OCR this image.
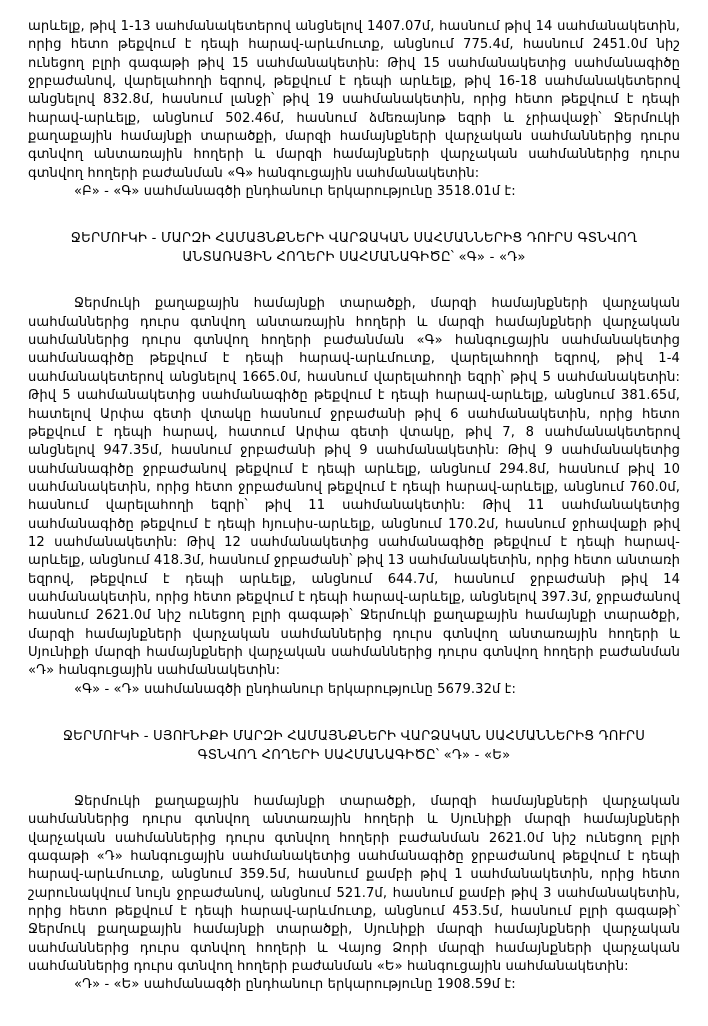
արևելք, թիվ 1-13 սահմանակետերով անցնելով 1407.07մ, հասնում թիվ 14 սահմանակետին, որից հետո թեքվում է դեպի հարավ-արևմուտք, անցնում 775.4մ, հասնում 2451.0մ նիշ ունեցող բլրի գագաթի թիվ 15 սահմանակետին: Թիվ 15 սահմանակետից սահմանագիծը ջրբաժանով, վարելահողի եզրով, թեքվում է դեպի արևելք, թիվ 16-18 սահմանակետերով անցնելով 832.8մ, հասնում լանջի՝ թիվ 19 սահմանակետին, որից հետո թեքվում է դեպի հարավ-արևելք, անցնում 502.46մ, հասնում ձմեռայնոթ եզրի և չրիավաջի՝ Ջերմուկի քաղաքային համայնքի տարածքի, մարզի համայնքների վարչական սահմաններից դուրս գտնվող անտառային հողերի և մարզի համայնքների վարչական սահմաններից դուրս գտնվող հողերի բաժանման «Գ» հանգուցային սահմանակետին:

«Բ» - «Գ» սահմանագծի ընդհանուր երկարությունը 3518.01մ է:

ՋԵՐՄՈՒԿԻ - ՄԱՐԶԻ ՀԱՄԱՅՆՔՆԵՐԻ ՎԱՐՁԱԿԱՆ ՍԱՀՄԱՆՆԵՐԻՑ ԴՈՒՐՍ ԳՏՆՎՈՂ
ԱՆՏԱՌԱՅԻՆ ՀՈՂԵՐԻ ՍԱՀՄԱՆԱԳԻԾԸ՝ «Գ» - «Դ»

Ջերմուկի քաղաքային համայնքի տարածքի, մարզի համայնքների վարչական սահմաններից դուրս գտնվող անտառային հողերի և մարզի համայնքների վարչական սահմաններից դուրս գտնվող հողերի բաժանման «Գ» հանգուցային սահմանակետից սահմանագիծը թեքվում է դեպի հարավ-արևմուտք, վարելահողի եզրով, թիվ 1-4 սահմանակետերով անցնելով 1665.0մ, հասնում վարելահողի եզրի՝ թիվ 5 սահմանակետին: Թիվ 5 սահմանակետից սահմանագիծը թեքվում է դեպի հարավ-արևելք, անցնում 381.65մ, հատելով Արփա գետի վտակը հասնում ջրբաժանի թիվ 6 սահմանակետին, որից հետո թեքվում է դեպի հարավ, հատում Արփա գետի վտակը, թիվ 7, 8 սահմանակետերով անցնելով 947.35մ, հասնում ջրբաժանի թիվ 9 սահմանակետին: Թիվ 9 սահմանակետից սահմանագիծը ջրբաժանով թեքվում է դեպի արևելք, անցնում 294.8մ, հասնում թիվ 10 սահմանակետին, որից հետո ջրբաժանով թեքվում է դեպի հարավ-արևելք, անցնում 760.0մ, հասնում վարելահողի եզրի՝ թիվ 11 սահմանակետին: Թիվ 11 սահմանակետից սահմանագիծը թեքվում է դեպի հյուսիս-արևելք, անցնում 170.2մ, հասնում ջրհավաքի թիվ 12 սահմանակետին: Թիվ 12 սահմանակետից սահմանագիծը թեքվում է դեպի հարավ-արևելք, անցնում 418.3մ, հասնում ջրբաժանի՝ թիվ 13 սահմանակետին, որից հետո անտառի եզրով, թեքվում է դեպի արևելք, անցնում 644.7մ, հասնում ջրբաժանի թիվ 14 սահմանակետին, որից հետո թեքվում է դեպի հարավ-արևելք, անցնելով 397.3մ, ջրբաժանով հասնում 2621.0մ նիշ ունեցող բլրի գագաթի՝ Ջերմուկի քաղաքային համայնքի տարածքի, մարզի համայնքների վարչական սահմաններից դուրս գտնվող անտառային հողերի և Սյունիքի մարզի համայնքների վարչական սահմաններից դուրս գտնվող հողերի բաժանման «Դ» հանգուցային սահմանակետին:

«Գ» - «Դ» սահմանագծի ընդհանուր երկարությունը 5679.32մ է:

ՋԵՐՄՈՒԿԻ - ՍՅՈՒՆԻՔԻ ՄԱՐԶԻ ՀԱՄԱՅՆՔՆԵՐԻ ՎԱՐՁԱԿԱՆ ՍԱՀՄԱՆՆԵՐԻՑ ԴՈՒՐՍ
ԳՏՆՎՈՂ ՀՈՂԵՐԻ ՍԱՀՄԱՆԱԳԻԾԸ՝ «Դ» - «Ե»

Ջերմուկի քաղաքային համայնքի տարածքի, մարզի համայնքների վարչական սահմաններից դուրս գտնվող անտառային հողերի և Սյունիքի մարզի համայնքների վարչական սահմաններից դուրս գտնվող հողերի բաժանման 2621.0մ նիշ ունեցող բլրի գագաթի «Դ» հանգուցային սահմանակետից սահմանագիծը ջրբաժանով թեքվում է դեպի հարավ-արևմուտք, անցնում 359.5մ, հասնում քամբի թիվ 1 սահմանակետին, որից հետո շարունակվում նույն ջրբաժանով, անցնում 521.7մ, հասնում քամբի թիվ 3 սահմանակետին, որից հետո թեքվում է դեպի հարավ-արևմուտք, անցնում 453.5մ, հասնում բլրի գագաթի՝ Ջերմուկ քաղաքային համայնքի տարածքի, Սյունիքի մարզի համայնքների վարչական սահմաններից դուրս գտնվող հողերի և Վայոց Ձորի մարզի համայնքների վարչական սահմաններից դուրս գտնվող հողերի բաժանման «Ե» հանգուցային սահմանակետին:

«Դ» - «Ե» սահմանագծի ընդհանուր երկարությունը 1908.59մ է:
